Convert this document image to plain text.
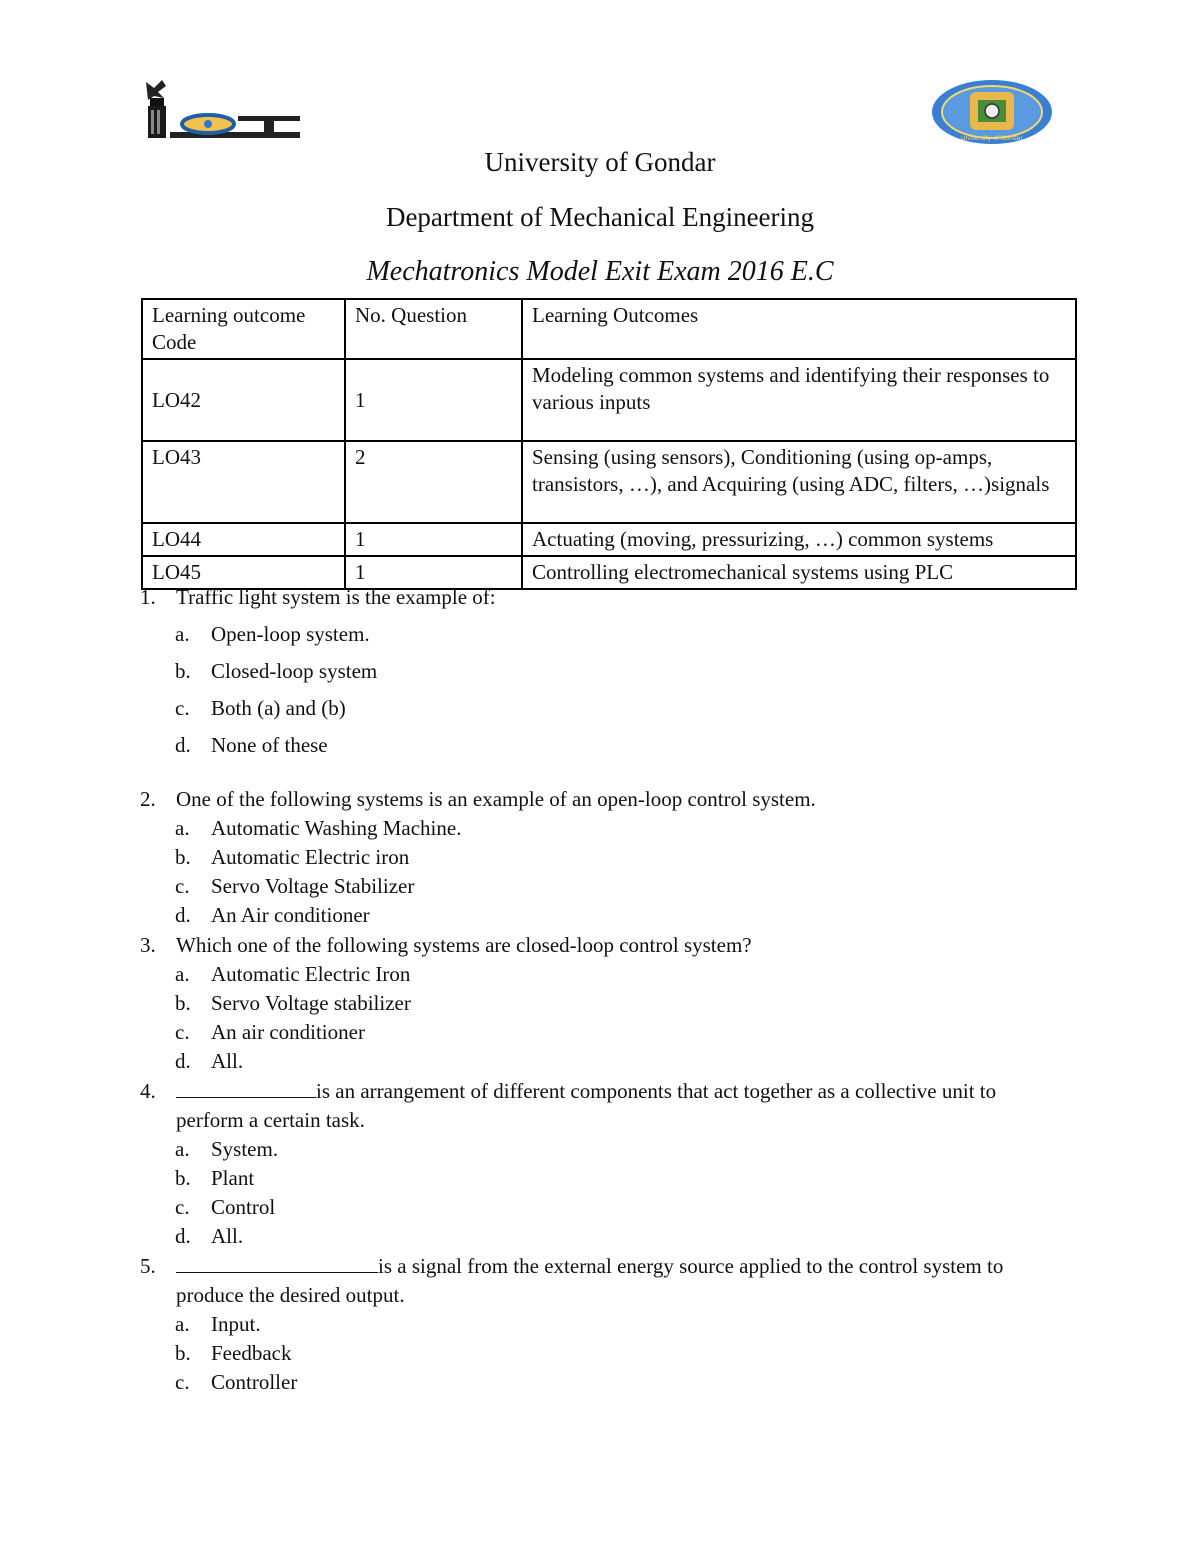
IOT
University of Gondar
University of Gondar
Department of Mechanical Engineering
Mechatronics Model Exit Exam 2016 E.C
Learning outcome Code	No. Question	Learning Outcomes
LO42	1	Modeling common systems and identifying their responses to various inputs
LO43	2	Sensing (using sensors), Conditioning (using op-amps, transistors, …), and Acquiring (using ADC, filters, …)signals
LO44	1	Actuating (moving, pressurizing, …) common systems
LO45	1	Controlling electromechanical systems using PLC
1. Traffic light system is the example of:
a. Open-loop system.
b. Closed-loop system
c. Both (a) and (b)
d. None of these
2. One of the following systems is an example of an open-loop control system.
a. Automatic Washing Machine.
b. Automatic Electric iron
c. Servo Voltage Stabilizer
d. An Air conditioner
3. Which one of the following systems are closed-loop control system?
a. Automatic Electric Iron
b. Servo Voltage stabilizer
c. An air conditioner
d. All.
4.	is an arrangement of different components that act together as a collective unit to perform a certain task.
a. System.
b. Plant
c. Control
d. All.
5.	is a signal from the external energy source applied to the control system to produce the desired output.
a. Input.
b. Feedback
c. Controller
